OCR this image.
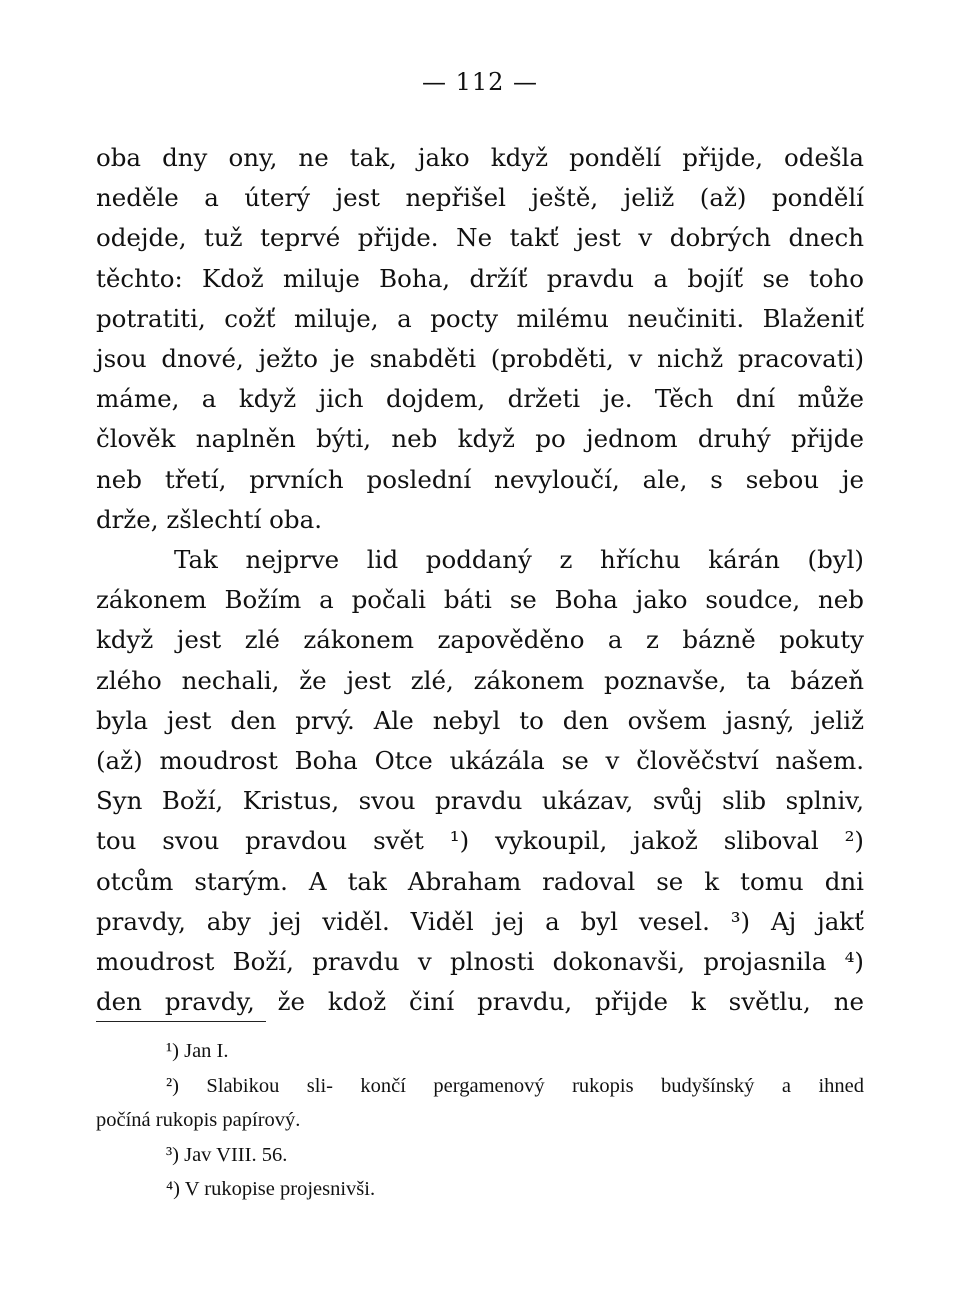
— 112 —
oba dny ony, ne tak, jako když pondělí přijde, odešla
neděle a úterý jest nepřišel ještě, jeliž (až) pondělí
odejde, tuž teprvé přijde. Ne takť jest v dobrých dnech
těchto: Kdož miluje Boha, držíť pravdu a bojíť se toho
potratiti, cožť miluje, a pocty milému neučiniti. Blaženiť
jsou dnové, ježto je snabděti (probděti, v nichž pracovati)
máme, a když jich dojdem, držeti je. Těch dní může
člověk naplněn býti, neb když po jednom druhý přijde
neb třetí, prvních poslední nevyloučí, ale, s sebou je
drže, zšlechtí oba.
Tak nejprve lid poddaný z hříchu kárán (byl)
zákonem Božím a počali báti se Boha jako soudce, neb
když jest zlé zákonem zapověděno a z bázně pokuty
zlého nechali, že jest zlé, zákonem poznavše, ta bázeň
byla jest den prvý. Ale nebyl to den ovšem jasný, jeliž
(až) moudrost Boha Otce ukázála se v člověčství našem.
Syn Boží, Kristus, svou pravdu ukázav, svůj slib splniv,
tou svou pravdou svět ¹) vykoupil, jakož sliboval ²)
otcům starým. A tak Abraham radoval se k tomu dni
pravdy, aby jej viděl. Viděl jej a byl vesel. ³) Aj jakť
moudrost Boží, pravdu v plnosti dokonavši, projasnila ⁴)
den pravdy, že kdož činí pravdu, přijde k světlu, ne
¹) Jan I.
²) Slabikou sli- končí pergamenový rukopis budyšínský a ihned
počíná rukopis papírový.
³) Jav VIII. 56.
⁴) V rukopise projesnivši.
